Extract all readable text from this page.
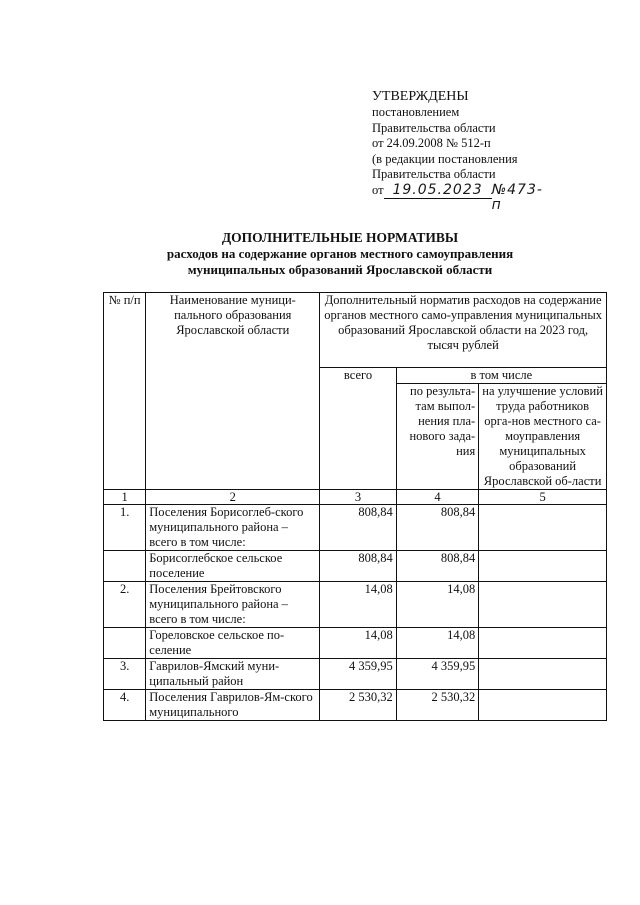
УТВЕРЖДЕНЫ
постановлением
Правительства области
от 24.09.2008 № 512-п
(в редакции постановления
Правительства области
от 19.05.2023 №473-п
ДОПОЛНИТЕЛЬНЫЕ НОРМАТИВЫ
расходов на содержание органов местного самоуправления
муниципальных образований Ярославской области
№ п/п	Наименование муници-пального образования Ярославской области	Дополнительный норматив расходов на содержание органов местного само-управления муниципальных образований Ярославской области на 2023 год, тысяч рублей		
		всего	в том числе	
			по результа-там выпол-нения пла-нового зада-ния	на улучшение условий труда работников орга-нов местного са-моуправления муниципальных образований Ярославской об-ласти
1	2	3	4	5
1.	Поселения Борисоглеб-ского муниципального района – всего в том числе:	808,84	808,84	
	Борисоглебское сельское поселение	808,84	808,84	
2.	Поселения Брейтовского муниципального района – всего в том числе:	14,08	14,08	
	Гореловское сельское по-селение	14,08	14,08	
3.	Гаврилов-Ямский муни-ципальный район	4 359,95	4 359,95	
4.	Поселения Гаврилов-Ям-ского муниципального	2 530,32	2 530,32	
